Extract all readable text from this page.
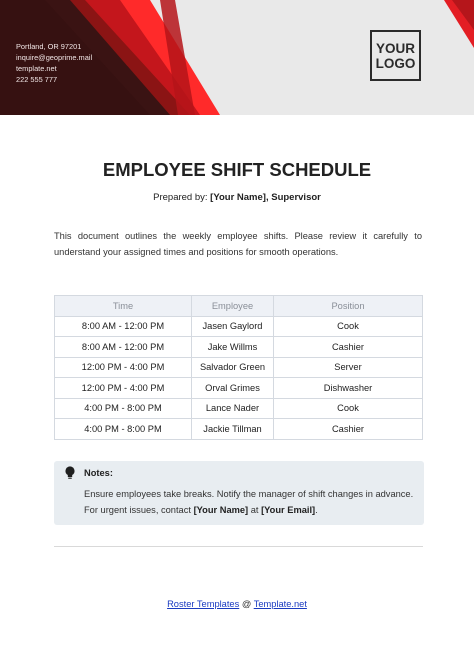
Portland, OR 97201
inquire@geoprime.mail
template.net
222 555 777
YOUR
LOGO
EMPLOYEE SHIFT SCHEDULE
Prepared by: [Your Name], Supervisor
This document outlines the weekly employee shifts. Please review it carefully to understand your assigned times and positions for smooth operations.
Time	Employee	Position
8:00 AM - 12:00 PM	Jasen Gaylord	Cook
8:00 AM - 12:00 PM	Jake Willms	Cashier
12:00 PM - 4:00 PM	Salvador Green	Server
12:00 PM - 4:00 PM	Orval Grimes	Dishwasher
4:00 PM - 8:00 PM	Lance Nader	Cook
4:00 PM - 8:00 PM	Jackie Tillman	Cashier
Notes:
Ensure employees take breaks. Notify the manager of shift changes in advance. For urgent issues, contact [Your Name] at [Your Email].
Roster Templates @ Template.net
